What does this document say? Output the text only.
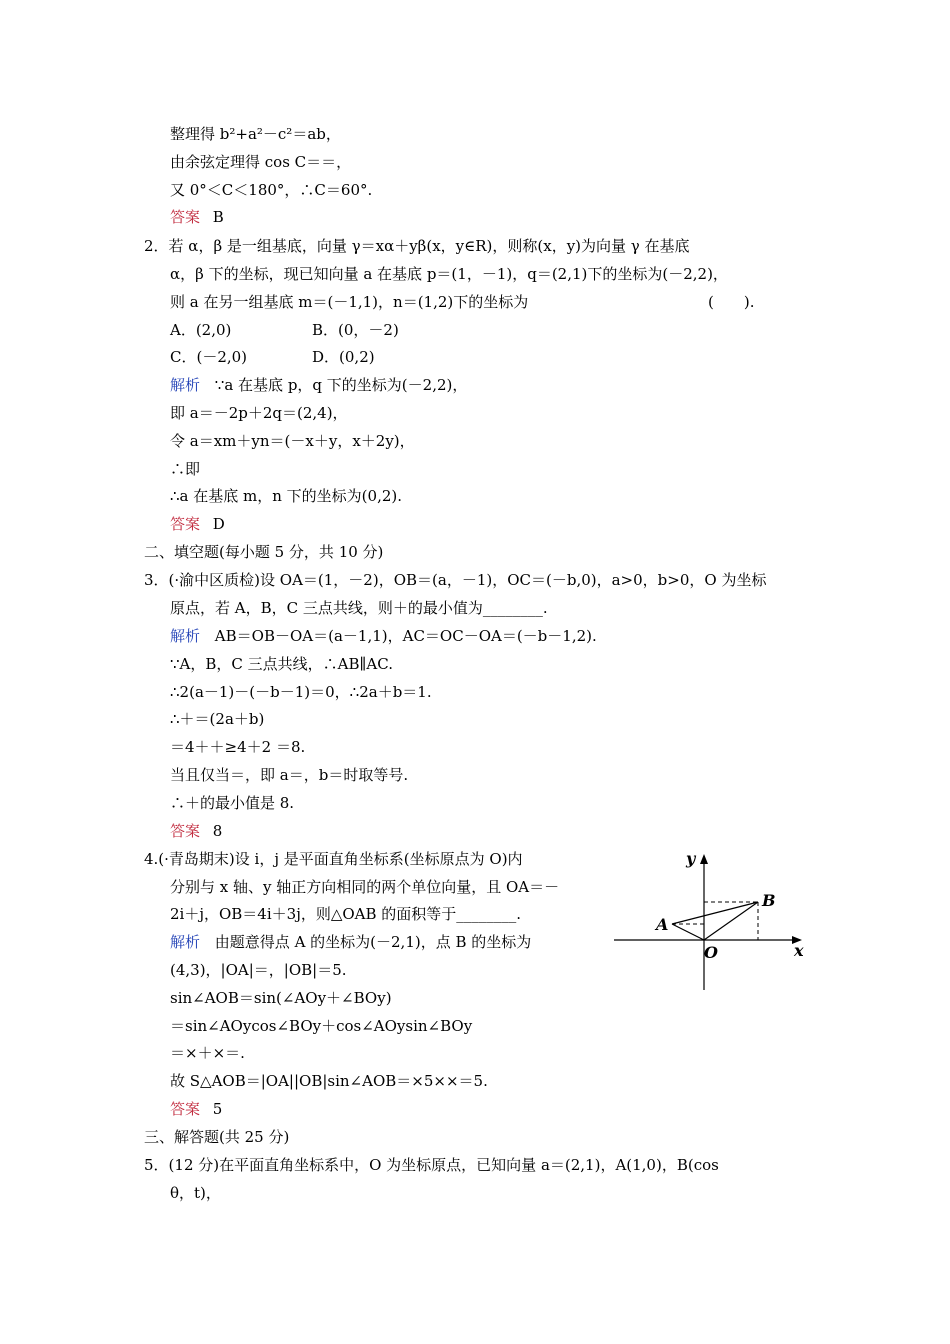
整理得 b²+a²－c²＝ab，
由余弦定理得 cos C＝＝，
又 0°＜C＜180°，∴C＝60°.
答案 B
2．若 α，β 是一组基底，向量 γ＝xα＋yβ(x，y∈R)，则称(x，y)为向量 γ 在基底
α，β 下的坐标，现已知向量 a 在基底 p＝(1，－1)，q＝(2,1)下的坐标为(－2,2)，
则 a 在另一组基底 m＝(－1,1)，n＝(1,2)下的坐标为	(　　).
A．(2,0)	B．(0，－2)
C．(－2,0)	D．(0,2)
解析 ∵a 在基底 p，q 下的坐标为(－2,2)，
即 a＝－2p＋2q＝(2,4)，
令 a＝xm＋yn＝(－x＋y，x＋2y)，
∴即
∴a 在基底 m，n 下的坐标为(0,2).
答案 D
二、填空题(每小题 5 分，共 10 分)
3．(·渝中区质检)设 OA＝(1，－2)，OB＝(a，－1)，OC＝(－b,0)，a>0，b>0，O 为坐标
原点，若 A，B，C 三点共线，则＋的最小值为________.
解析 AB＝OB－OA＝(a－1,1)，AC＝OC－OA＝(－b－1,2).
∵A，B，C 三点共线，∴AB∥AC.
∴2(a－1)－(－b－1)＝0，∴2a＋b＝1.
∴＋＝(2a＋b)
＝4＋＋≥4＋2 ＝8.
当且仅当＝，即 a＝，b＝时取等号.
∴＋的最小值是 8.
答案 8
4.(·青岛期末)设 i，j 是平面直角坐标系(坐标原点为 O)内
分别与 x 轴、y 轴正方向相同的两个单位向量，且 OA＝－
2i＋j，OB＝4i＋3j，则△OAB 的面积等于________.
解析 由题意得点 A 的坐标为(－2,1)，点 B 的坐标为
(4,3)，|OA|＝，|OB|＝5.
sin∠AOB＝sin(∠AOy＋∠BOy)
＝sin∠AOycos∠BOy＋cos∠AOysin∠BOy
＝×＋×＝.
故 S△AOB＝|OA||OB|sin∠AOB＝×5××＝5.
答案 5
y
x
B
A
O
三、解答题(共 25 分)
5．(12 分)在平面直角坐标系中，O 为坐标原点，已知向量 a＝(2,1)，A(1,0)，B(cos
θ，t)，
